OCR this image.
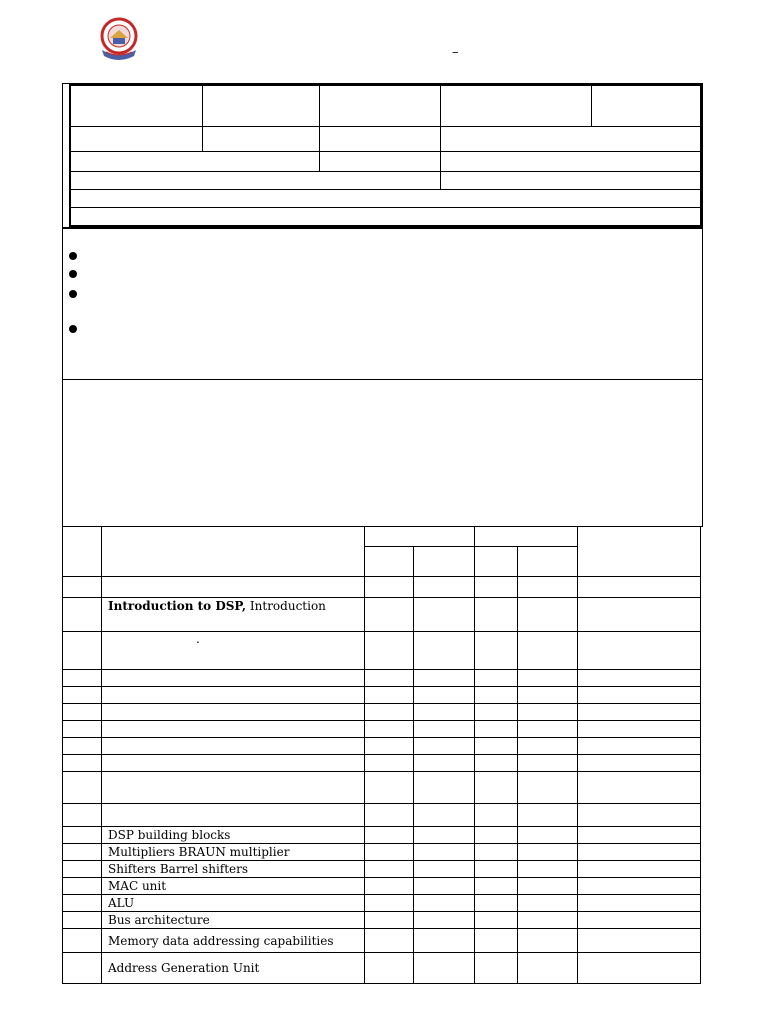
–

	Introduction to DSP, Introduction					
	.					

	DSP building blocks					
	Multipliers BRAUN multiplier					
	Shifters Barrel shifters					
	MAC unit					
	ALU					
	Bus architecture					
	Memory data addressing capabilities					
	Address Generation Unit					
